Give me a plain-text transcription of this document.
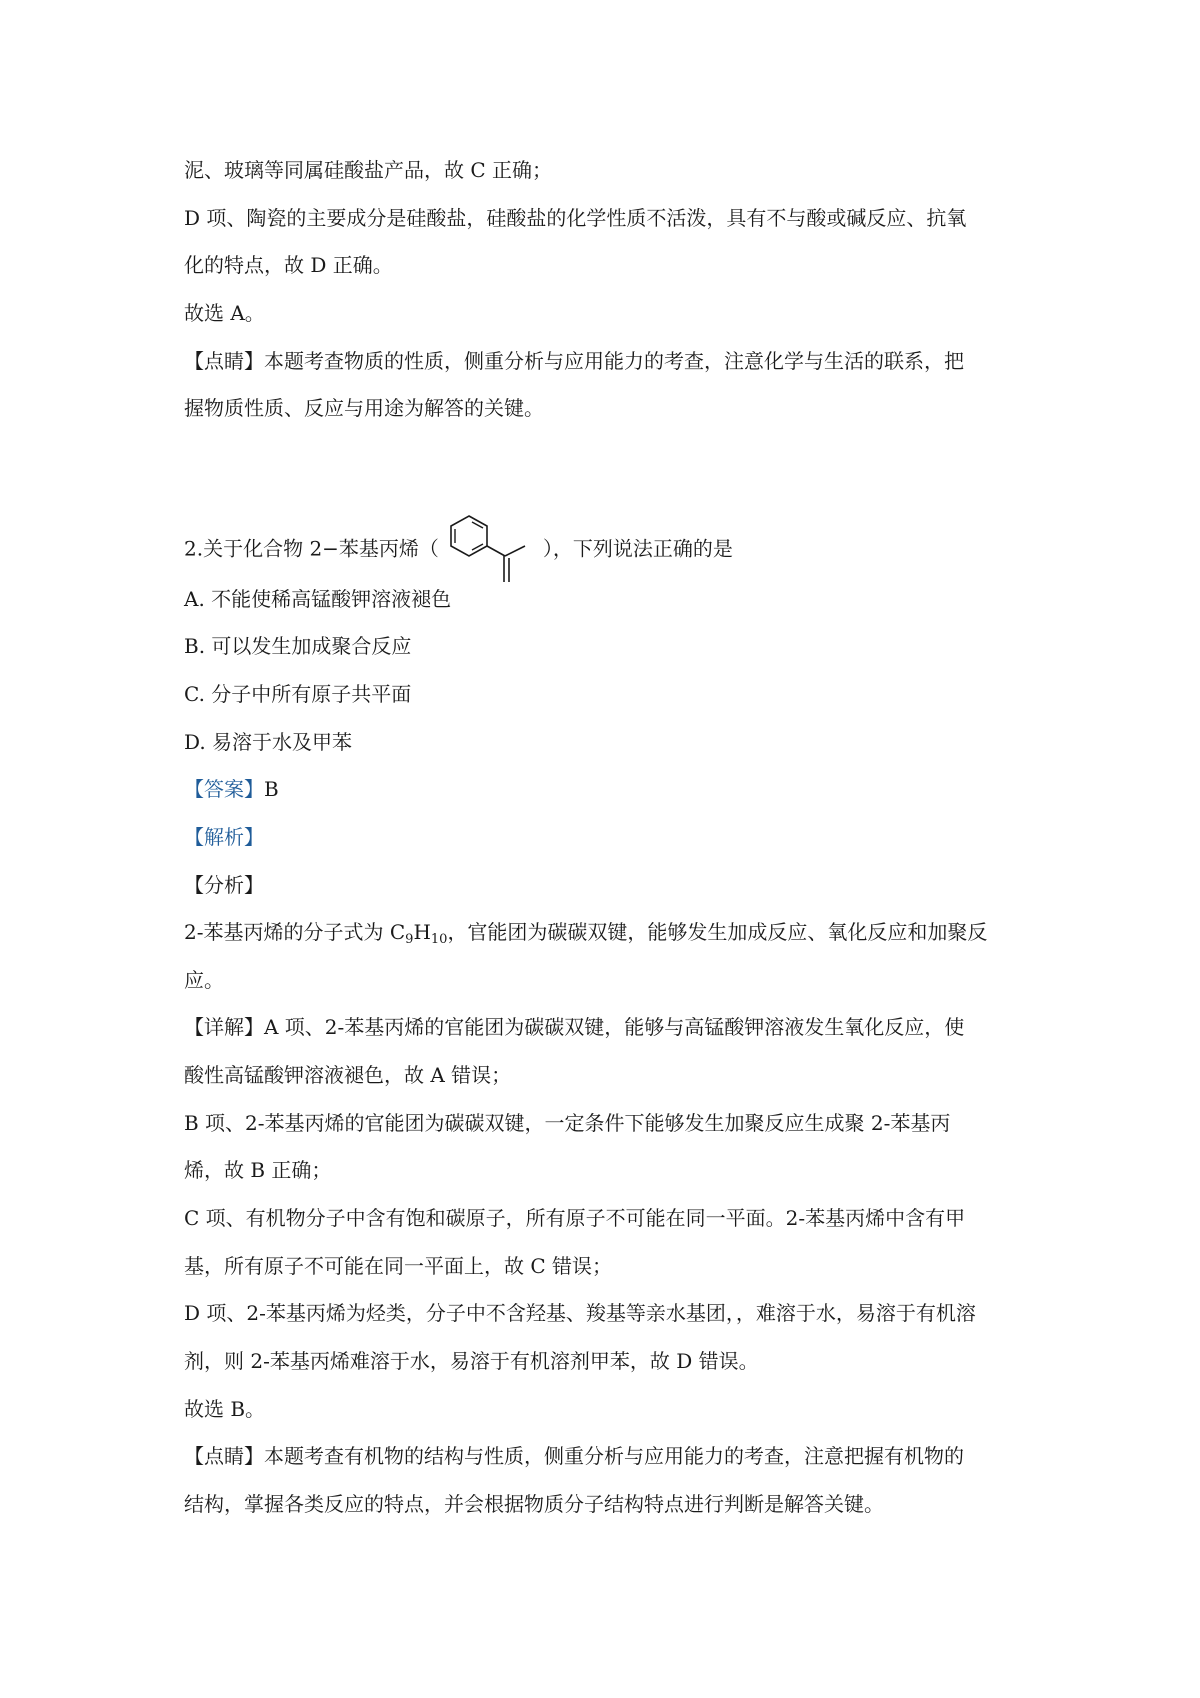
泥、玻璃等同属硅酸盐产品，故 C 正确；
D 项、陶瓷的主要成分是硅酸盐，硅酸盐的化学性质不活泼，具有不与酸或碱反应、抗氧
化的特点，故 D 正确。
故选 A。
【点睛】本题考查物质的性质，侧重分析与应用能力的考查，注意化学与生活的联系，把
握物质性质、反应与用途为解答的关键。
2.关于化合物 2−苯基丙烯（	），下列说法正确的是
A. 不能使稀高锰酸钾溶液褪色
B. 可以发生加成聚合反应
C. 分子中所有原子共平面
D. 易溶于水及甲苯
【答案】B
【解析】
【分析】
2-苯基丙烯的分子式为 $C_9H_{10}$，官能团为碳碳双键，能够发生加成反应、氧化反应和加聚反
应。
【详解】A 项、2-苯基丙烯的官能团为碳碳双键，能够与高锰酸钾溶液发生氧化反应，使
酸性高锰酸钾溶液褪色，故 A 错误；
B 项、2-苯基丙烯的官能团为碳碳双键，一定条件下能够发生加聚反应生成聚 2-苯基丙
烯，故 B 正确；
C 项、有机物分子中含有饱和碳原子，所有原子不可能在同一平面。2-苯基丙烯中含有甲
基，所有原子不可能在同一平面上，故 C 错误；
D 项、2-苯基丙烯为烃类，分子中不含羟基、羧基等亲水基团，，难溶于水，易溶于有机溶
剂，则 2-苯基丙烯难溶于水，易溶于有机溶剂甲苯，故 D 错误。
故选 B。
【点睛】本题考查有机物的结构与性质，侧重分析与应用能力的考查，注意把握有机物的
结构，掌握各类反应的特点，并会根据物质分子结构特点进行判断是解答关键。
